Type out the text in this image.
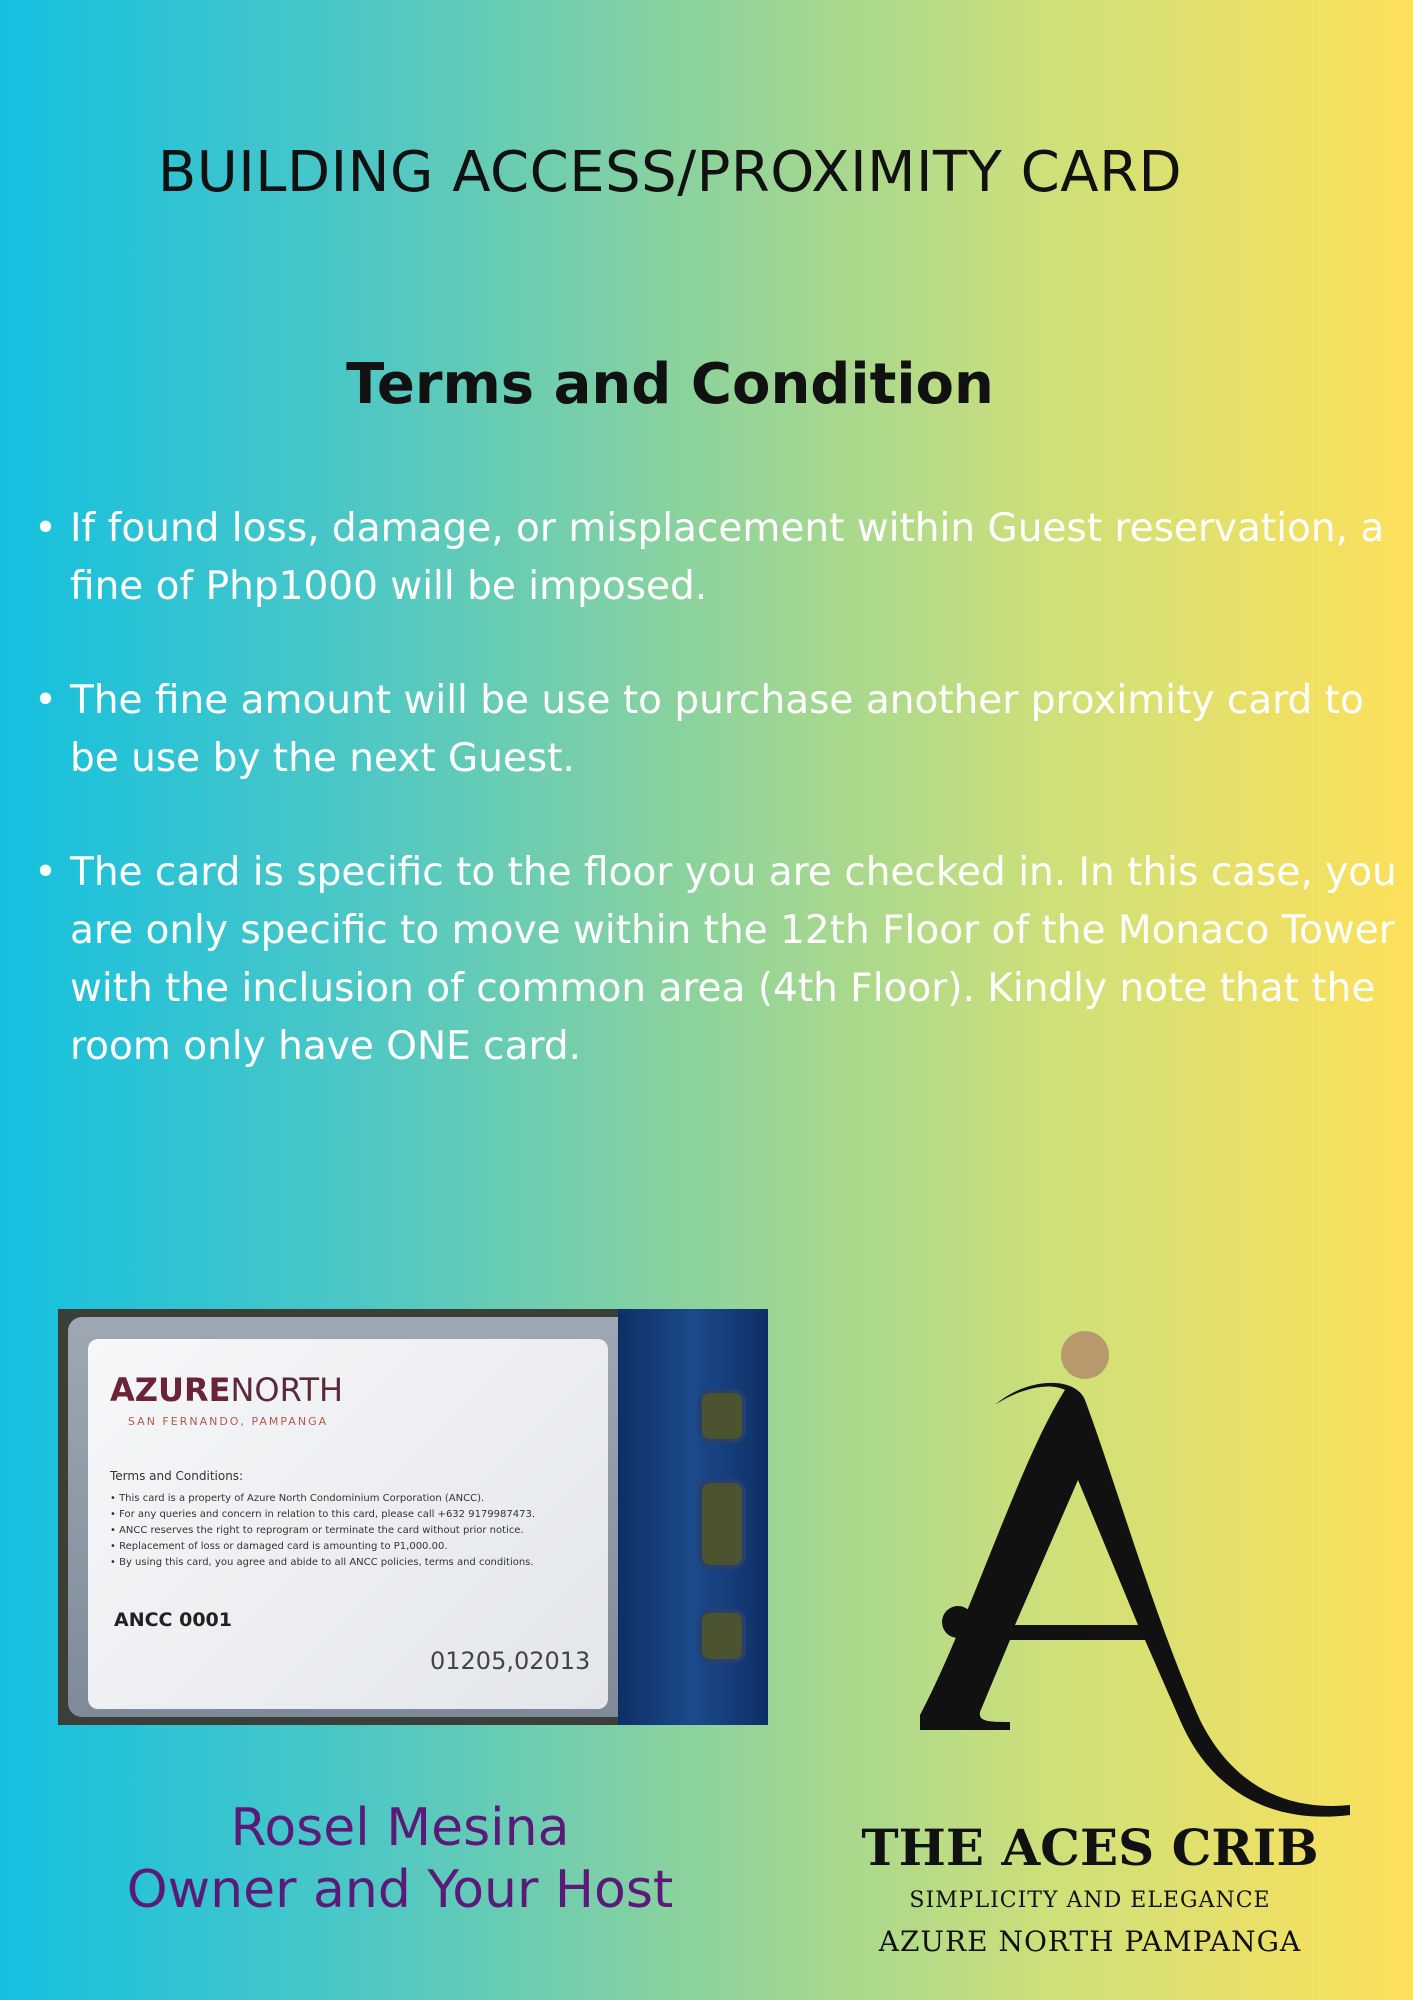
BUILDING ACCESS/PROXIMITY CARD
Terms and Condition
• If found loss, damage, or misplacement within Guest reservation, a fine of Php1000 will be imposed.
• The fine amount will be use to purchase another proximity card to be use by the next Guest.
• The card is specific to the floor you are checked in. In this case, you are only specific to move within the 12th Floor of the Monaco Tower with the inclusion of common area (4th Floor). Kindly note that the room only have ONE card.
AZURENORTH
SAN FERNANDO, PAMPANGA
Terms and Conditions:
• This card is a property of Azure North Condominium Corporation (ANCC).
• For any queries and concern in relation to this card, please call +632 9179987473.
• ANCC reserves the right to reprogram or terminate the card without prior notice.
• Replacement of loss or damaged card is amounting to P1,000.00.
• By using this card, you agree and abide to all ANCC policies, terms and conditions.
ANCC 0001
01205,02013
Rosel Mesina
Owner and Your Host
THE ACES CRIB
SIMPLICITY AND ELEGANCE
AZURE NORTH PAMPANGA
